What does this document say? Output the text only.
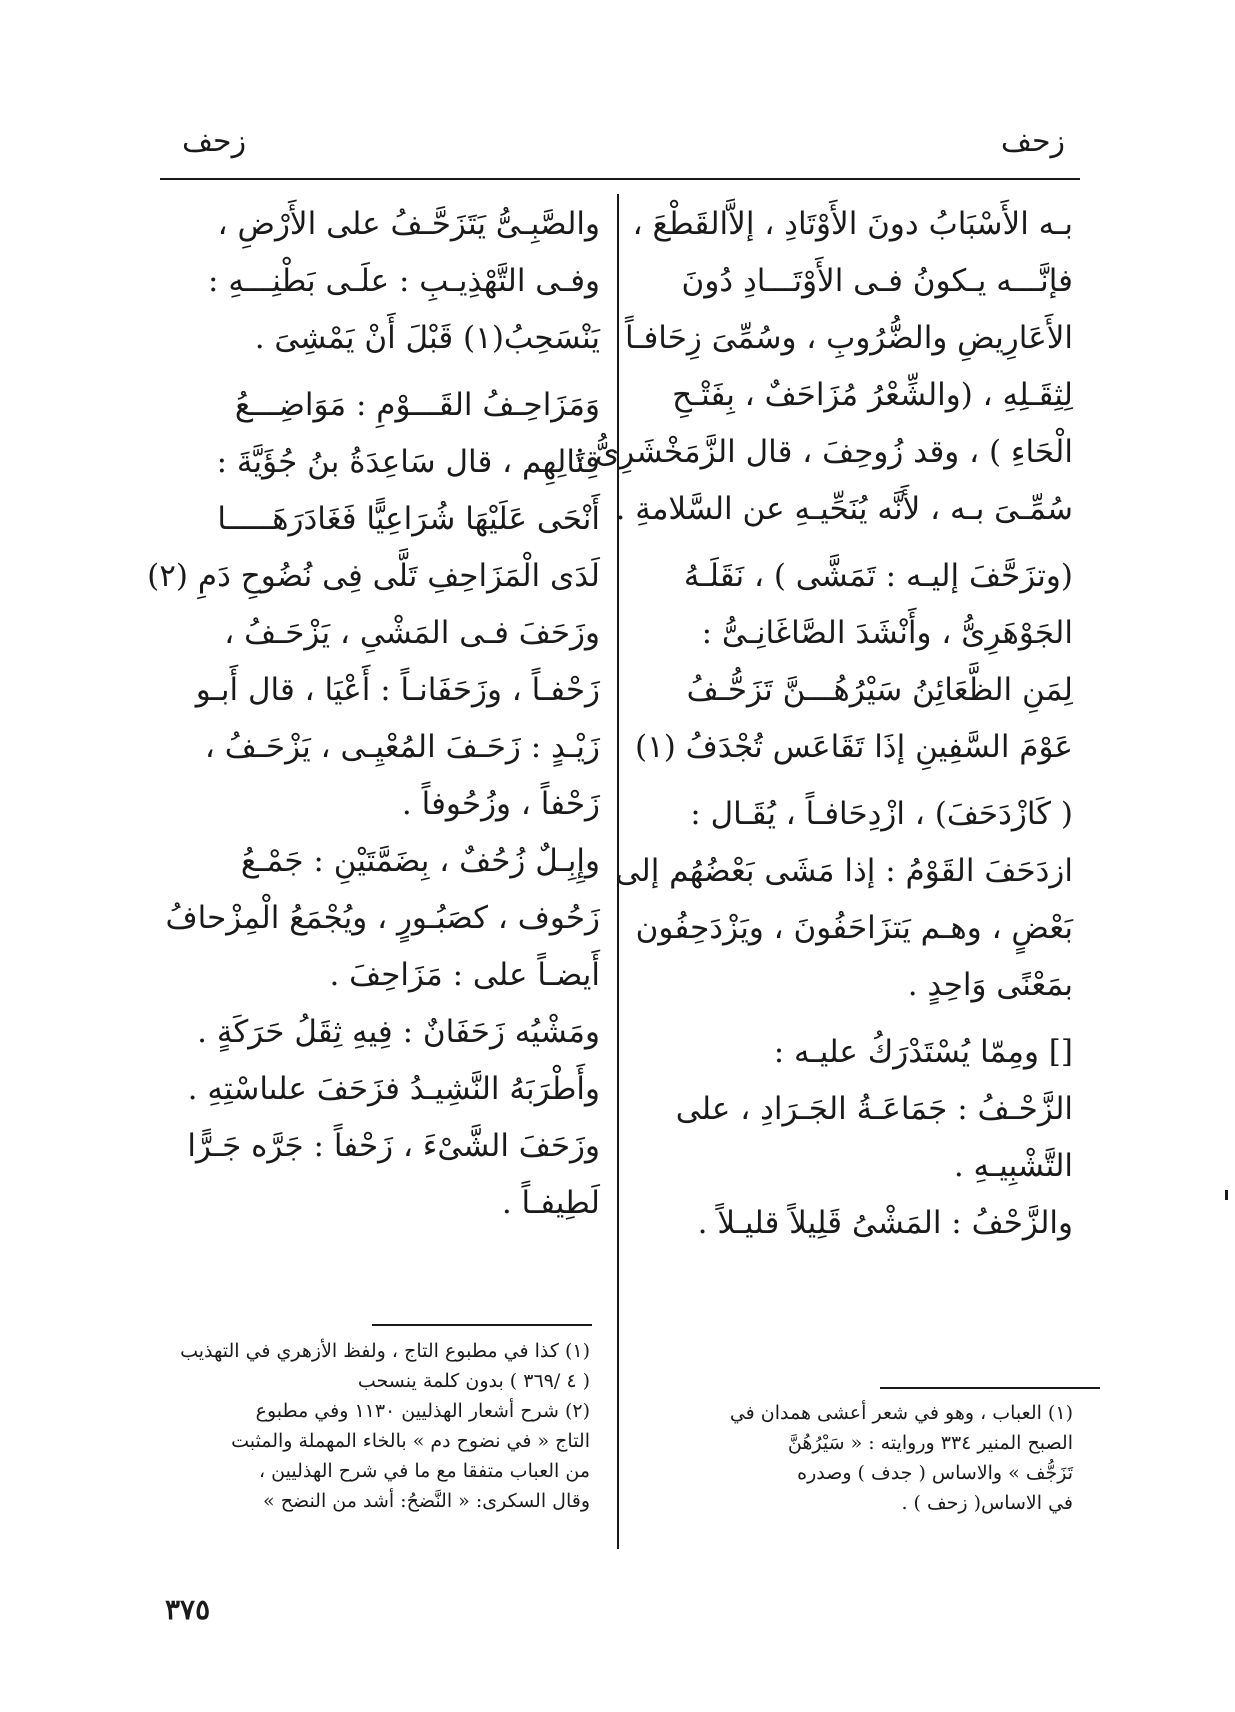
زحف
زحف
بـه الأَسْبَابُ دونَ الأَوْتَادِ ، إلاَّالقَطْعَ ،
فإنَّـــه يـكونُ فـى الأَوْتَـــادِ دُونَ
الأَعَارِيضِ والضُّرُوبِ ، وسُمِّىَ زِحَافـاً
لِثِقَـلِهِ ، (والشِّعْرُ مُزَاحَفٌ ، بِفَتْـحِ
الْحَاءِ ) ، وقد زُوحِفَ ، قال الزَّمَخْشَرِىُّ :
سُمِّـىَ بـه ، لأَنَّه يُنَحِّيـهِ عن السَّلامةِ .
(وتزَحَّفَ إليـه : تَمَشَّى ) ، نَقَلَـهُ
الجَوْهَرِىُّ ، وأَنْشَدَ الصَّاغَانِـىُّ :
لِمَنِ الظَّعَائِنُ سَيْرُهُـــنَّ تَزَحُّـفُ
عَوْمَ السَّفِينِ إذَا تَقَاعَس تُجْدَفُ (١)
( كَازْدَحَفَ) ، ازْدِحَافـاً ، يُقَـال :
ازدَحَفَ القَوْمُ : إذا مَشَى بَعْضُهُم إلى
بَعْضٍ ، وهـم يَتزَاحَفُونَ ، ويَزْدَحِفُون
بمَعْنًى وَاحِدٍ .
[] ومِمّا يُسْتَدْرَكُ عليـه :
الزَّحْـفُ : جَمَاعَـةُ الجَـرَادِ ، على
التَّشْبِيـهِ .
والزَّحْفُ : المَشْىُ قَلِيلاً قليـلاً .
والصَّبِـىُّ يَتَزَحَّـفُ على الأَرْضِ ،
وفـى التَّهْذِيـبِ : علَـى بَطْنِـــهِ :
يَنْسَحِبُ(١) قَبْلَ أَنْ يَمْشِىَ .
وَمَزَاحِـفُ القَـــوْمِ : مَوَاضِـــعُ
قِتَالِهِم ، قال سَاعِدَةُ بنُ جُؤَيَّةَ :
أَنْحَى عَلَيْهَا شُرَاعِيًّا فَغَادَرَهَـــــا
لَدَى الْمَزَاحِفِ تَلَّى فِى نُضُوحِ دَمِ (٢)
وزَحَفَ فـى المَشْىِ ، يَزْحَـفُ ،
زَحْفـاً ، وزَحَفَانـاً : أَعْيَا ، قال أَبـو
زَيْـدٍ : زَحَـفَ المُعْيِـى ، يَزْحَـفُ ،
زَحْفاً ، وزُحُوفاً .
وإِبِـلٌ زُحُفٌ ، بِضَمَّتَيْنِ : جَمْـعُ
زَحُوف ، كصَبُـورٍ ، ويُجْمَعُ الْمِزْحافُ
أَيضـاً على : مَزَاحِفَ .
ومَشْيُه زَحَفَانٌ : فِيهِ ثِقَلُ حَرَكَةٍ .
وأَطْرَبَهُ النَّشِيـدُ فزَحَفَ علىاسْتِهِ .
وزَحَفَ الشَّىْءَ ، زَحْفاً : جَرَّه جَـرًّا
لَطِيفـاً .
(١) العباب ، وهو في شعر أعشى همدان في
الصبح المنير ٣٣٤ وروايته : « سَيْرُهُنَّ
تَزَجُّف » والاساس ( جدف ) وصدره
في الاساس( زحف ) .
(١) كذا في مطبوع التاج ، ولفظ الأزهري في التهذيب
( ٤ /٣٦٩ ) بدون كلمة ينسحب
(٢) شرح أشعار الهذليين ١١٣٠ وفي مطبوع
التاج « في نضوح دم » بالخاء المهملة والمثبت
من العباب متفقا مع ما في شرح الهذليين ،
وقال السكرى: « النَّضحُ: أشد من النضح »
٣٧٥
